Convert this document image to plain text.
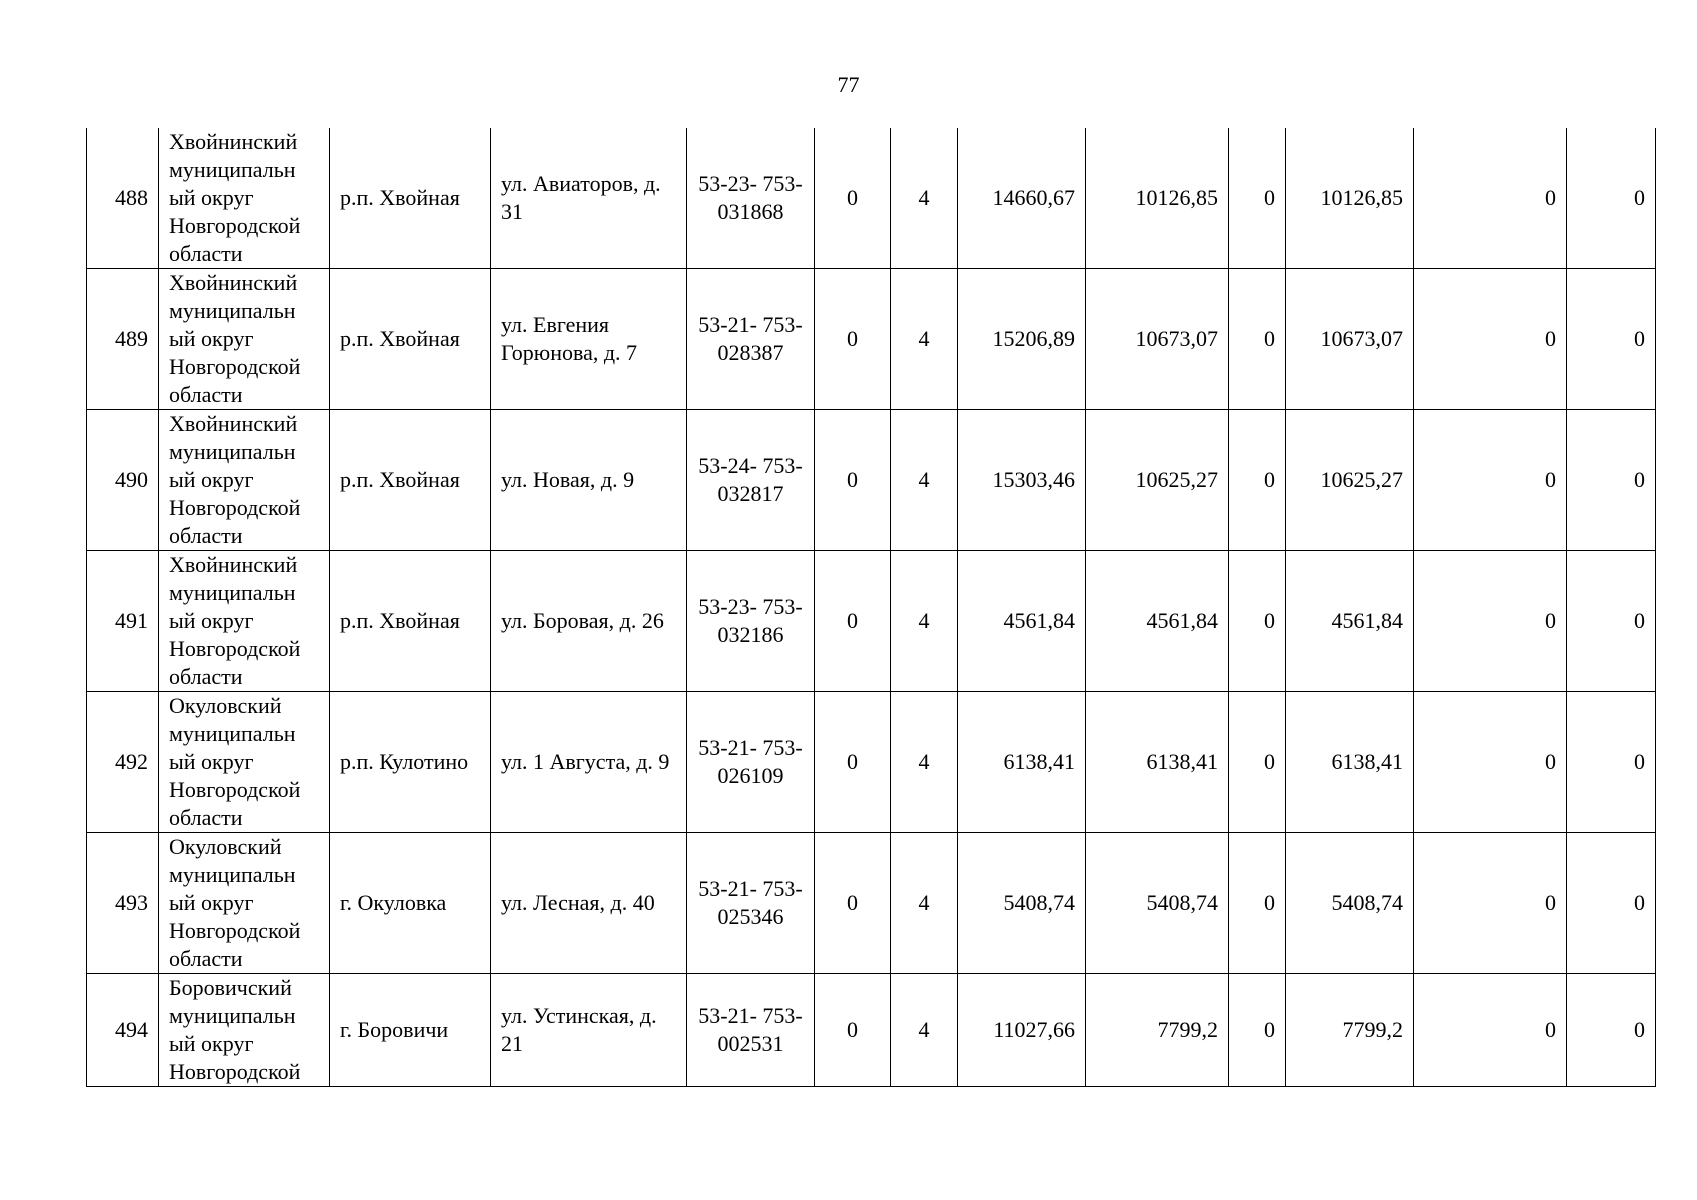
77
488	Хвойнинский муниципальн ый округ Новгородской области	р.п. Хвойная	ул. Авиаторов, д. 31	53-23- 753- 031868	0	4	14660,67	10126,85	0	10126,85	0	0
489	Хвойнинский муниципальн ый округ Новгородской области	р.п. Хвойная	ул. Евгения Горюнова, д. 7	53-21- 753- 028387	0	4	15206,89	10673,07	0	10673,07	0	0
490	Хвойнинский муниципальн ый округ Новгородской области	р.п. Хвойная	ул. Новая, д. 9	53-24- 753- 032817	0	4	15303,46	10625,27	0	10625,27	0	0
491	Хвойнинский муниципальн ый округ Новгородской области	р.п. Хвойная	ул. Боровая, д. 26	53-23- 753- 032186	0	4	4561,84	4561,84	0	4561,84	0	0
492	Окуловский муниципальн ый округ Новгородской области	р.п. Кулотино	ул. 1 Августа, д. 9	53-21- 753- 026109	0	4	6138,41	6138,41	0	6138,41	0	0
493	Окуловский муниципальн ый округ Новгородской области	г. Окуловка	ул. Лесная, д. 40	53-21- 753- 025346	0	4	5408,74	5408,74	0	5408,74	0	0
494	Боровичский муниципальн ый округ Новгородской	г. Боровичи	ул. Устинская, д. 21	53-21- 753- 002531	0	4	11027,66	7799,2	0	7799,2	0	0
